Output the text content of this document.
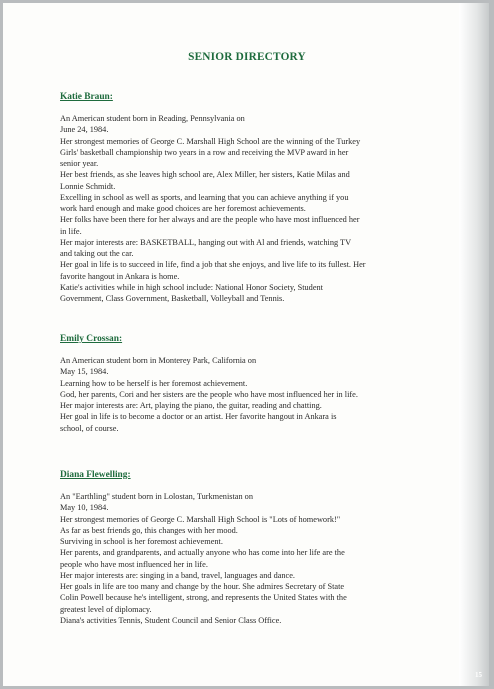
SENIOR DIRECTORY
Katie Braun:
An American student born in Reading, Pennsylvania on
June 24, 1984.
Her strongest memories of George C. Marshall High School are the winning of the Turkey
Girls' basketball championship two years in a row and receiving the MVP award in her
senior year.
Her best friends, as she leaves high school are, Alex Miller, her sisters, Katie Milas and
Lonnie Schmidt.
Excelling in school as well as sports, and learning that you can achieve anything if you
work hard enough and make good choices are her foremost achievements.
Her folks have been there for her always and are the people who have most influenced her
in life.
Her major interests are: BASKETBALL, hanging out with Al and friends, watching TV
and taking out the car.
Her goal in life is to succeed in life, find a job that she enjoys, and live life to its fullest. Her
favorite hangout in Ankara is home.
Katie's activities while in high school include: National Honor Society, Student
Government, Class Government, Basketball, Volleyball and Tennis.
Emily Crossan:
An American student born in Monterey Park, California on
May 15, 1984.
Learning how to be herself is her foremost achievement.
God, her parents, Cori and her sisters are the people who have most influenced her in life.
Her major interests are: Art, playing the piano, the guitar, reading and chatting.
Her goal in life is to become a doctor or an artist. Her favorite hangout in Ankara is
school, of course.
Diana Flewelling:
An "Earthling" student born in Lolostan, Turkmenistan on
May 10, 1984.
Her strongest memories of George C. Marshall High School is "Lots of homework!"
As far as best friends go, this changes with her mood.
Surviving in school is her foremost achievement.
Her parents, and grandparents, and actually anyone who has come into her life are the
people who have most influenced her in life.
Her major interests are: singing in a band, travel, languages and dance.
Her goals in life are too many and change by the hour. She admires Secretary of State
Colin Powell because he's intelligent, strong, and represents the United States with the
greatest level of diplomacy.
Diana's activities Tennis, Student Council and Senior Class Office.
15
